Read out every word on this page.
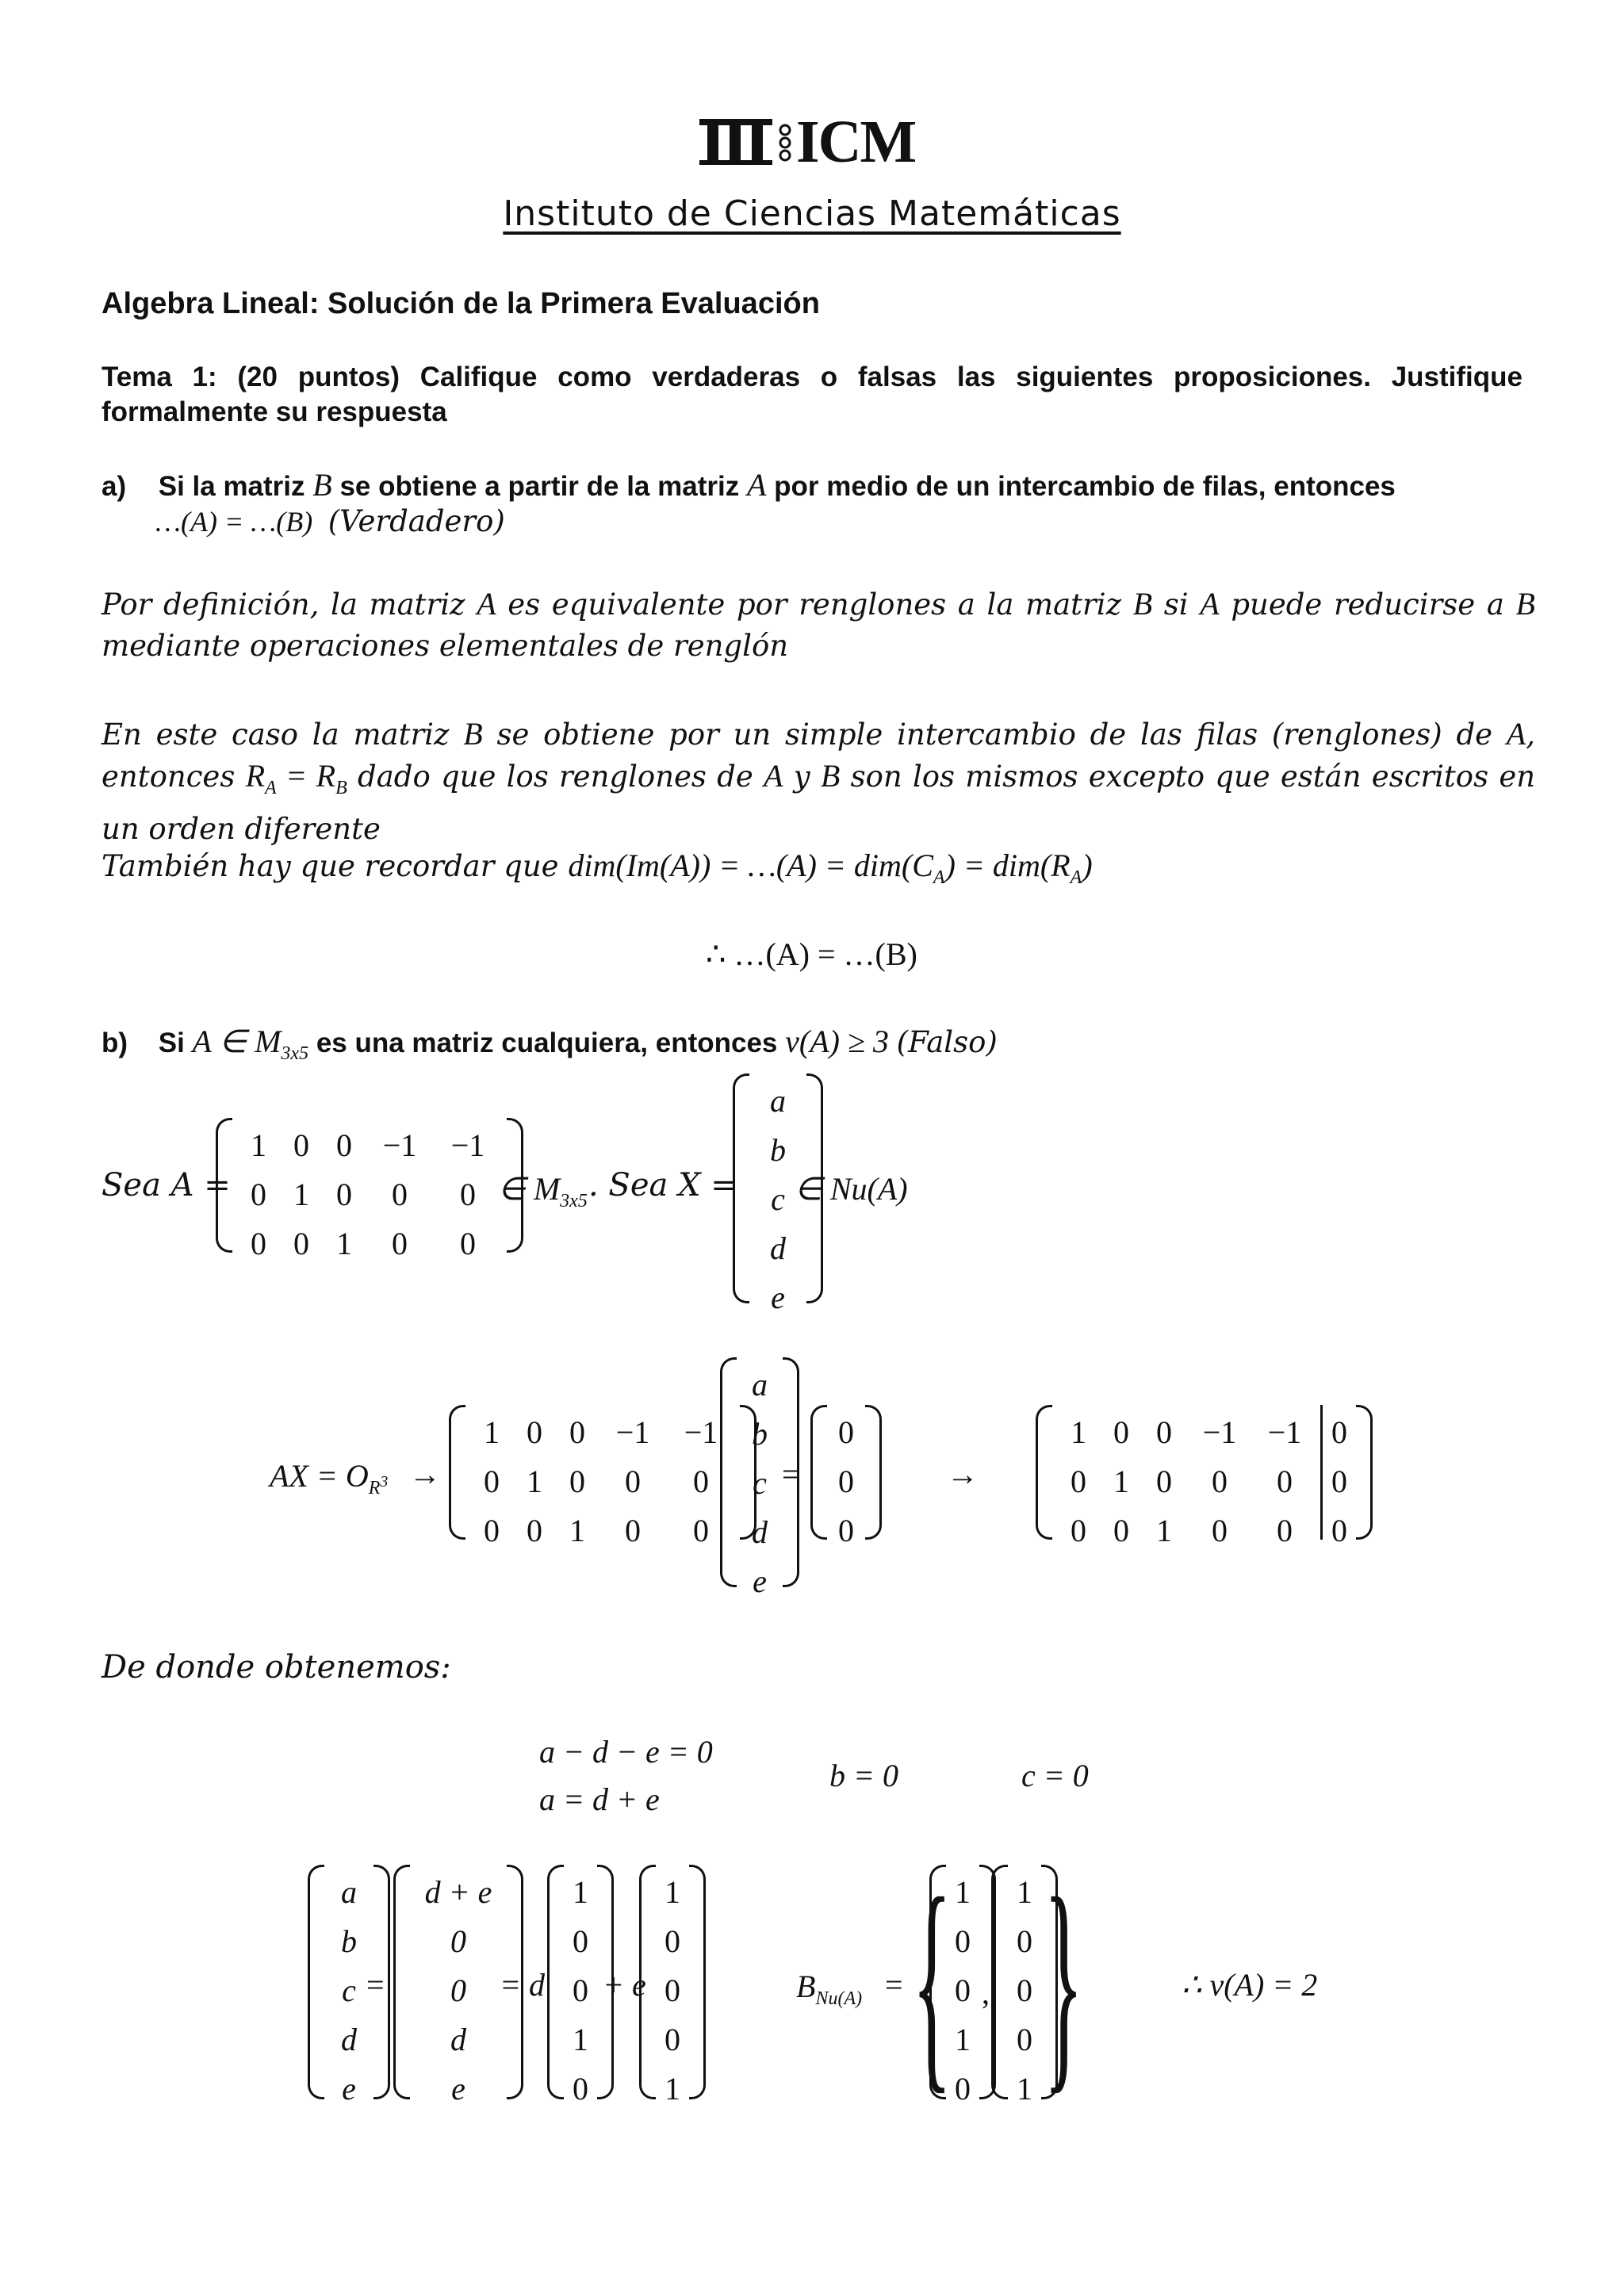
ICM
Instituto de Ciencias Matemáticas
Algebra Lineal: Solución de la Primera Evaluación
Tema 1: (20 puntos) Califique como verdaderas o falsas las siguientes proposiciones. Justifique formalmente su respuesta
a) Si la matriz B se obtiene a partir de la matriz A por medio de un intercambio de filas, entonces
…(A) = …(B) (Verdadero)
Por definición, la matriz A es equivalente por renglones a la matriz B si A puede reducirse a B mediante operaciones elementales de renglón
En este caso la matriz B se obtiene por un simple intercambio de las filas (renglones) de A, entonces $R_A = R_B$ dado que los renglones de A y B son los mismos excepto que están escritos en un orden diferente
También hay que recordar que dim(Im(A)) = …(A) = $dim(C_A) = dim(R_A)$
∴ …(A) = …(B)
b) Si A ∈ $M_{3x5}$ es una matriz cualquiera, entonces ν(A) ≥ 3 (Falso)
Sea A =
1 0 0 −1 −1
0 1 0 0 0
0 0 1 0 0
∈ $M_{3x5}$ . Sea X =
a
b
c
d
e
∈ Nu(A)
AX = $O_{R^3}$ →
1 0 0 −1 −1
0 1 0 0 0
0 0 1 0 0
a
b
c
d
e
=
0
0
0
→
1 0 0 −1 −1
0 1 0 0 0
0 0 1 0 0
0
0
0
De donde obtenemos:
a − d − e = 0
a = d + e
b = 0	c = 0
a
b
c
d
e
=
d + e
0
0
d
e
= d
1
0
0
1
0
+ e
1
0
0
0
1
$B_{Nu(A)}$ = { 1
0
0
1
0
,
1
0
0
0
1 }	∴ ν(A) = 2
